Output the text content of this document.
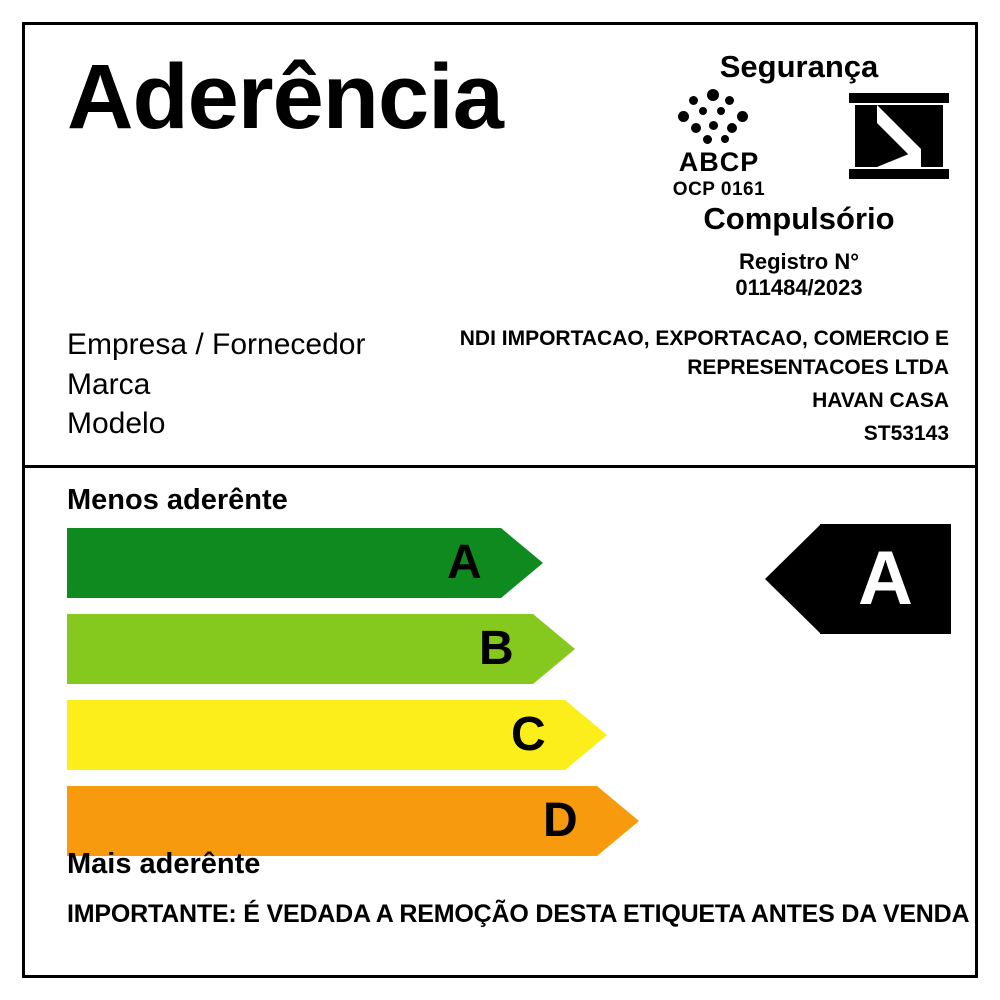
Aderência	Segurança
ABCP
OCP 0161
Compulsório
Registro N°
011484/2023
Empresa / Fornecedor
Marca
Modelo
NDI IMPORTACAO, EXPORTACAO, COMERCIO E REPRESENTACOES LTDA
HAVAN CASA
ST53143
Menos aderênte
A
B
C
D
A
Mais aderênte
IMPORTANTE: É VEDADA A REMOÇÃO DESTA ETIQUETA ANTES DA VENDA
